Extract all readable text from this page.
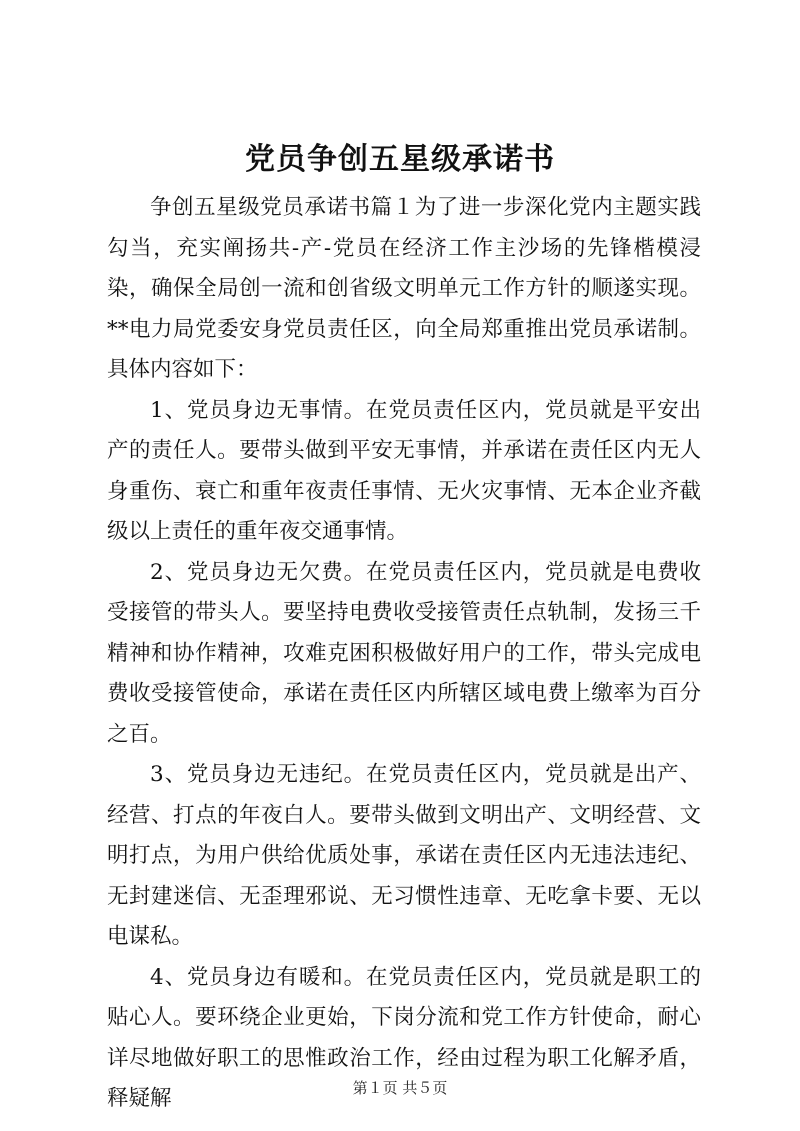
党员争创五星级承诺书

争创五星级党员承诺书篇１为了进一步深化党内主题实践勾当，充实阐扬共-产-党员在经济工作主沙场的先锋楷模浸染，确保全局创一流和创省级文明单元工作方针的顺遂实现。**电力局党委安身党员责任区，向全局郑重推出党员承诺制。具体内容如下：

1、党员身边无事情。在党员责任区内，党员就是平安出产的责任人。要带头做到平安无事情，并承诺在责任区内无人身重伤、衰亡和重年夜责任事情、无火灾事情、无本企业齐截级以上责任的重年夜交通事情。

2、党员身边无欠费。在党员责任区内，党员就是电费收受接管的带头人。要坚持电费收受接管责任点轨制，发扬三千精神和协作精神，攻难克困积极做好用户的工作，带头完成电费收受接管使命，承诺在责任区内所辖区域电费上缴率为百分之百。

3、党员身边无违纪。在党员责任区内，党员就是出产、经营、打点的年夜白人。要带头做到文明出产、文明经营、文明打点，为用户供给优质处事，承诺在责任区内无违法违纪、无封建迷信、无歪理邪说、无习惯性违章、无吃拿卡要、无以电谋私。

4、党员身边有暖和。在党员责任区内，党员就是职工的贴心人。要环绕企业更始，下岗分流和党工作方针使命，耐心详尽地做好职工的思惟政治工作，经由过程为职工化解矛盾，释疑解	第１页 共５页
